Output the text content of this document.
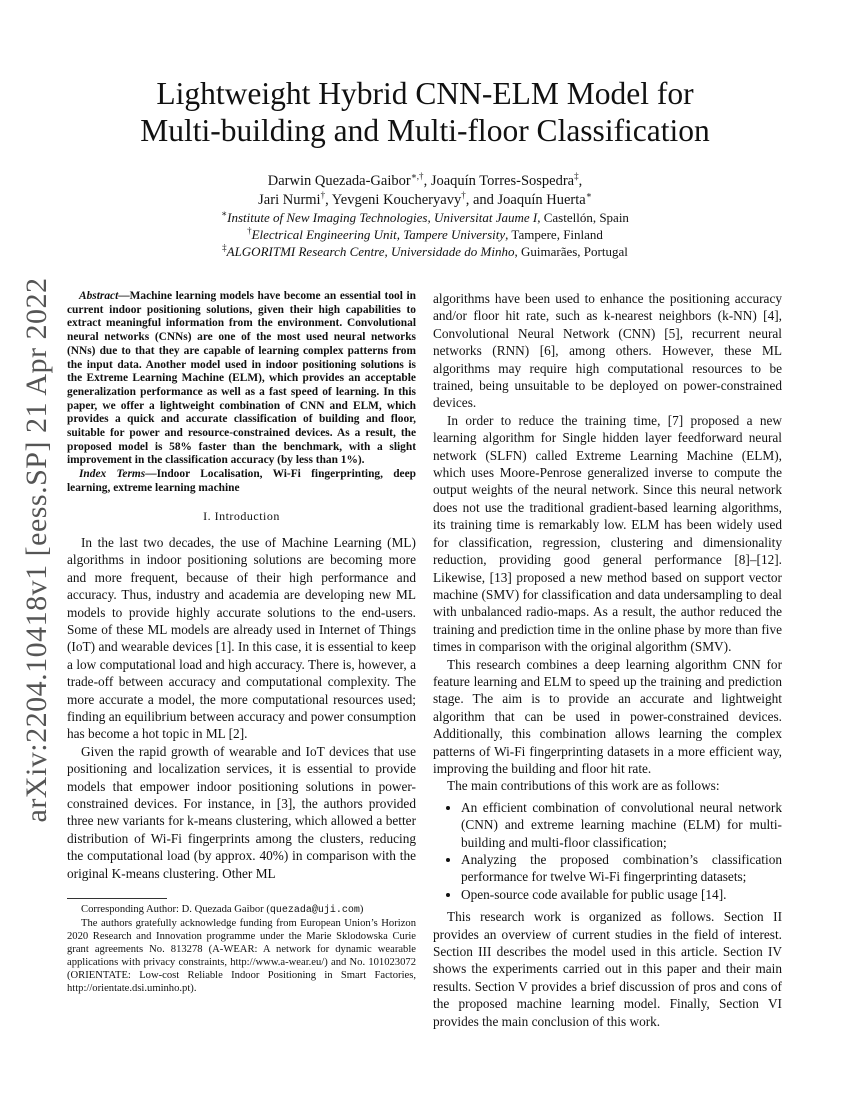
arXiv:2204.10418v1 [eess.SP] 21 Apr 2022
Lightweight Hybrid CNN-ELM Model for
Multi-building and Multi-floor Classification
Darwin Quezada-Gaibor∗,†, Joaquín Torres-Sospedra‡,
Jari Nurmi†, Yevgeni Koucheryavy†, and Joaquín Huerta∗
∗Institute of New Imaging Technologies, Universitat Jaume I, Castellón, Spain
†Electrical Engineering Unit, Tampere University, Tampere, Finland
‡ALGORITMI Research Centre, Universidade do Minho, Guimarães, Portugal
Abstract—Machine learning models have become an essential tool in current indoor positioning solutions, given their high capabilities to extract meaningful information from the environment. Convolutional neural networks (CNNs) are one of the most used neural networks (NNs) due to that they are capable of learning complex patterns from the input data. Another model used in indoor positioning solutions is the Extreme Learning Machine (ELM), which provides an acceptable generalization performance as well as a fast speed of learning. In this paper, we offer a lightweight combination of CNN and ELM, which provides a quick and accurate classification of building and floor, suitable for power and resource-constrained devices. As a result, the proposed model is 58% faster than the benchmark, with a slight improvement in the classification accuracy (by less than 1%).
Index Terms—Indoor Localisation, Wi-Fi fingerprinting, deep learning, extreme learning machine
I. Introduction

In the last two decades, the use of Machine Learning (ML) algorithms in indoor positioning solutions are becoming more and more frequent, because of their high performance and accuracy. Thus, industry and academia are developing new ML models to provide highly accurate solutions to the end-users. Some of these ML models are already used in Internet of Things (IoT) and wearable devices [1]. In this case, it is essential to keep a low computational load and high accuracy. There is, however, a trade-off between accuracy and computational complexity. The more accurate a model, the more computational resources used; finding an equilibrium between accuracy and power consumption has become a hot topic in ML [2].

Given the rapid growth of wearable and IoT devices that use positioning and localization services, it is essential to provide models that empower indoor positioning solutions in power-constrained devices. For instance, in [3], the authors provided three new variants for k-means clustering, which allowed a better distribution of Wi-Fi fingerprints among the clusters, reducing the computational load (by approx. 40%) in comparison with the original K-means clustering. Other ML

Corresponding Author: D. Quezada Gaibor (quezada@uji.com)

The authors gratefully acknowledge funding from European Union’s Horizon 2020 Research and Innovation programme under the Marie Sklodowska Curie grant agreements No. 813278 (A-WEAR: A network for dynamic wearable applications with privacy constraints, http://www.a-wear.eu/) and No. 101023072 (ORIENTATE: Low-cost Reliable Indoor Positioning in Smart Factories, http://orientate.dsi.uminho.pt).

algorithms have been used to enhance the positioning accuracy and/or floor hit rate, such as k-nearest neighbors (k-NN) [4], Convolutional Neural Network (CNN) [5], recurrent neural networks (RNN) [6], among others. However, these ML algorithms may require high computational resources to be trained, being unsuitable to be deployed on power-constrained devices.

In order to reduce the training time, [7] proposed a new learning algorithm for Single hidden layer feedforward neural network (SLFN) called Extreme Learning Machine (ELM), which uses Moore-Penrose generalized inverse to compute the output weights of the neural network. Since this neural network does not use the traditional gradient-based learning algorithms, its training time is remarkably low. ELM has been widely used for classification, regression, clustering and dimensionality reduction, providing good general performance [8]–[12]. Likewise, [13] proposed a new method based on support vector machine (SMV) for classification and data undersampling to deal with unbalanced radio-maps. As a result, the author reduced the training and prediction time in the online phase by more than five times in comparison with the original algorithm (SMV).

This research combines a deep learning algorithm CNN for feature learning and ELM to speed up the training and prediction stage. The aim is to provide an accurate and lightweight algorithm that can be used in power-constrained devices. Additionally, this combination allows learning the complex patterns of Wi-Fi fingerprinting datasets in a more efficient way, improving the building and floor hit rate.

The main contributions of this work are as follows:

• An efficient combination of convolutional neural network (CNN) and extreme learning machine (ELM) for multi-building and multi-floor classification;
• Analyzing the proposed combination’s classification performance for twelve Wi-Fi fingerprinting datasets;
• Open-source code available for public usage [14].

This research work is organized as follows. Section II provides an overview of current studies in the field of interest. Section III describes the model used in this article. Section IV shows the experiments carried out in this paper and their main results. Section V provides a brief discussion of pros and cons of the proposed machine learning model. Finally, Section VI provides the main conclusion of this work.
